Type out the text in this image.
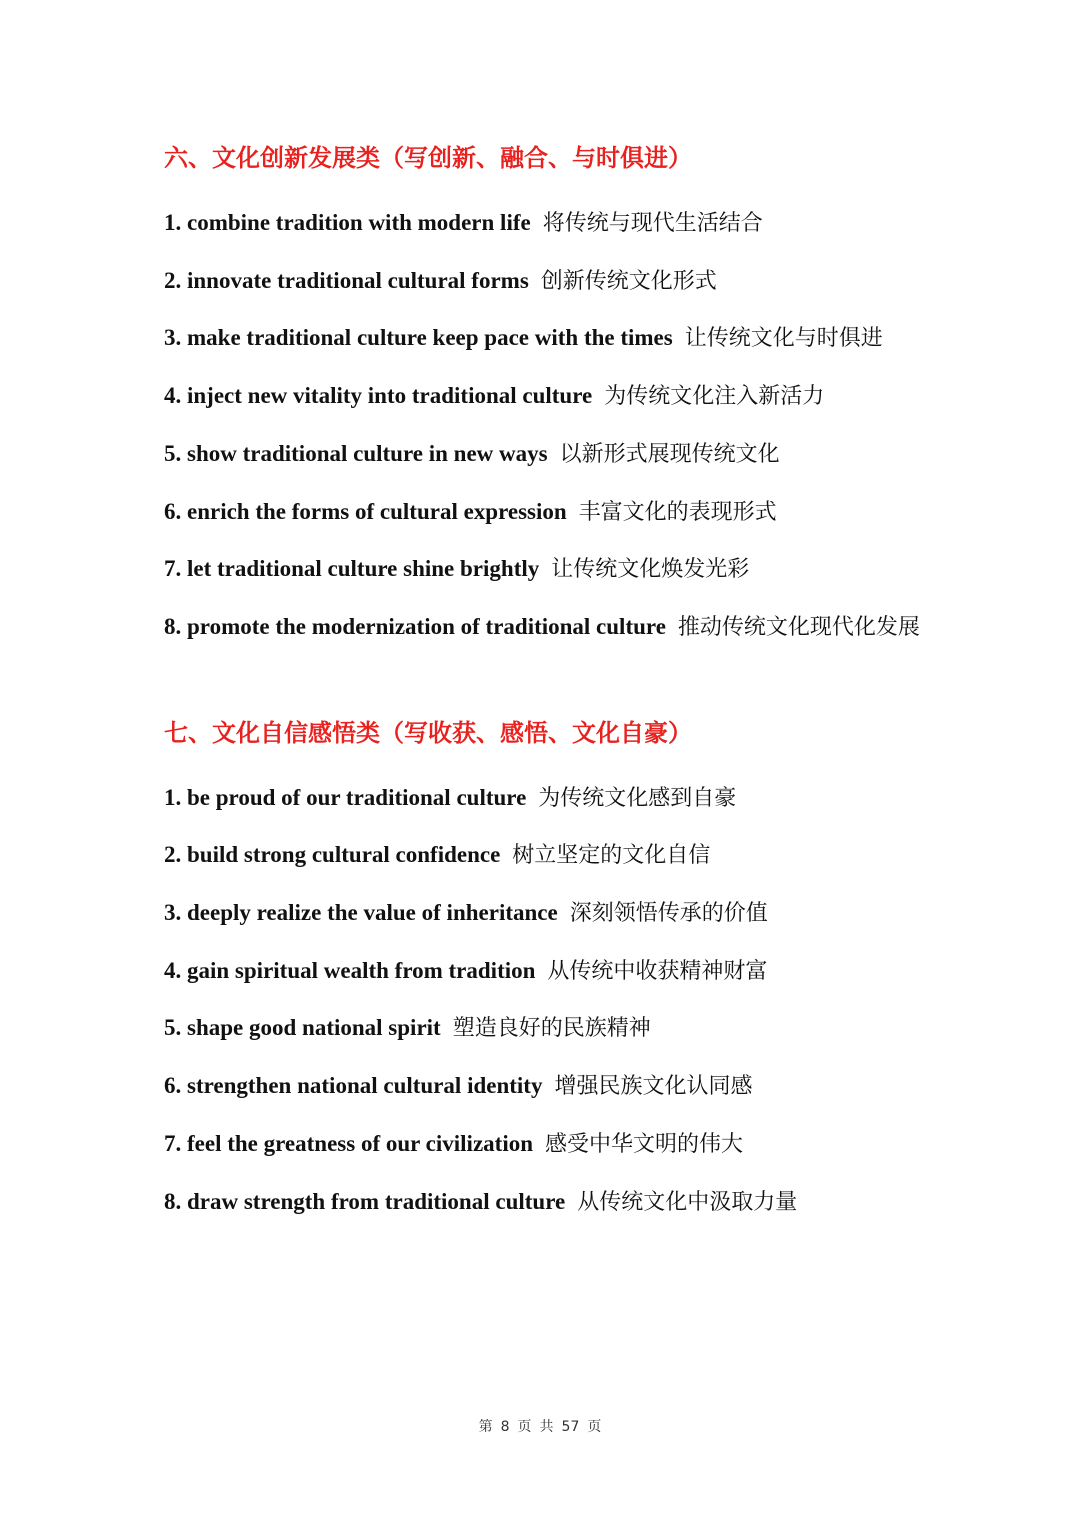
六、文化创新发展类（写创新、融合、与时俱进）

1. combine tradition with modern life 将传统与现代生活结合

2. innovate traditional cultural forms 创新传统文化形式

3. make traditional culture keep pace with the times 让传统文化与时俱进

4. inject new vitality into traditional culture 为传统文化注入新活力

5. show traditional culture in new ways 以新形式展现传统文化

6. enrich the forms of cultural expression 丰富文化的表现形式

7. let traditional culture shine brightly 让传统文化焕发光彩

8. promote the modernization of traditional culture 推动传统文化现代化发展

七、文化自信感悟类（写收获、感悟、文化自豪）

1. be proud of our traditional culture 为传统文化感到自豪

2. build strong cultural confidence 树立坚定的文化自信

3. deeply realize the value of inheritance 深刻领悟传承的价值

4. gain spiritual wealth from tradition 从传统中收获精神财富

5. shape good national spirit 塑造良好的民族精神

6. strengthen national cultural identity 增强民族文化认同感

7. feel the greatness of our civilization 感受中华文明的伟大

8. draw strength from traditional culture 从传统文化中汲取力量

第 8 页 共 57 页
